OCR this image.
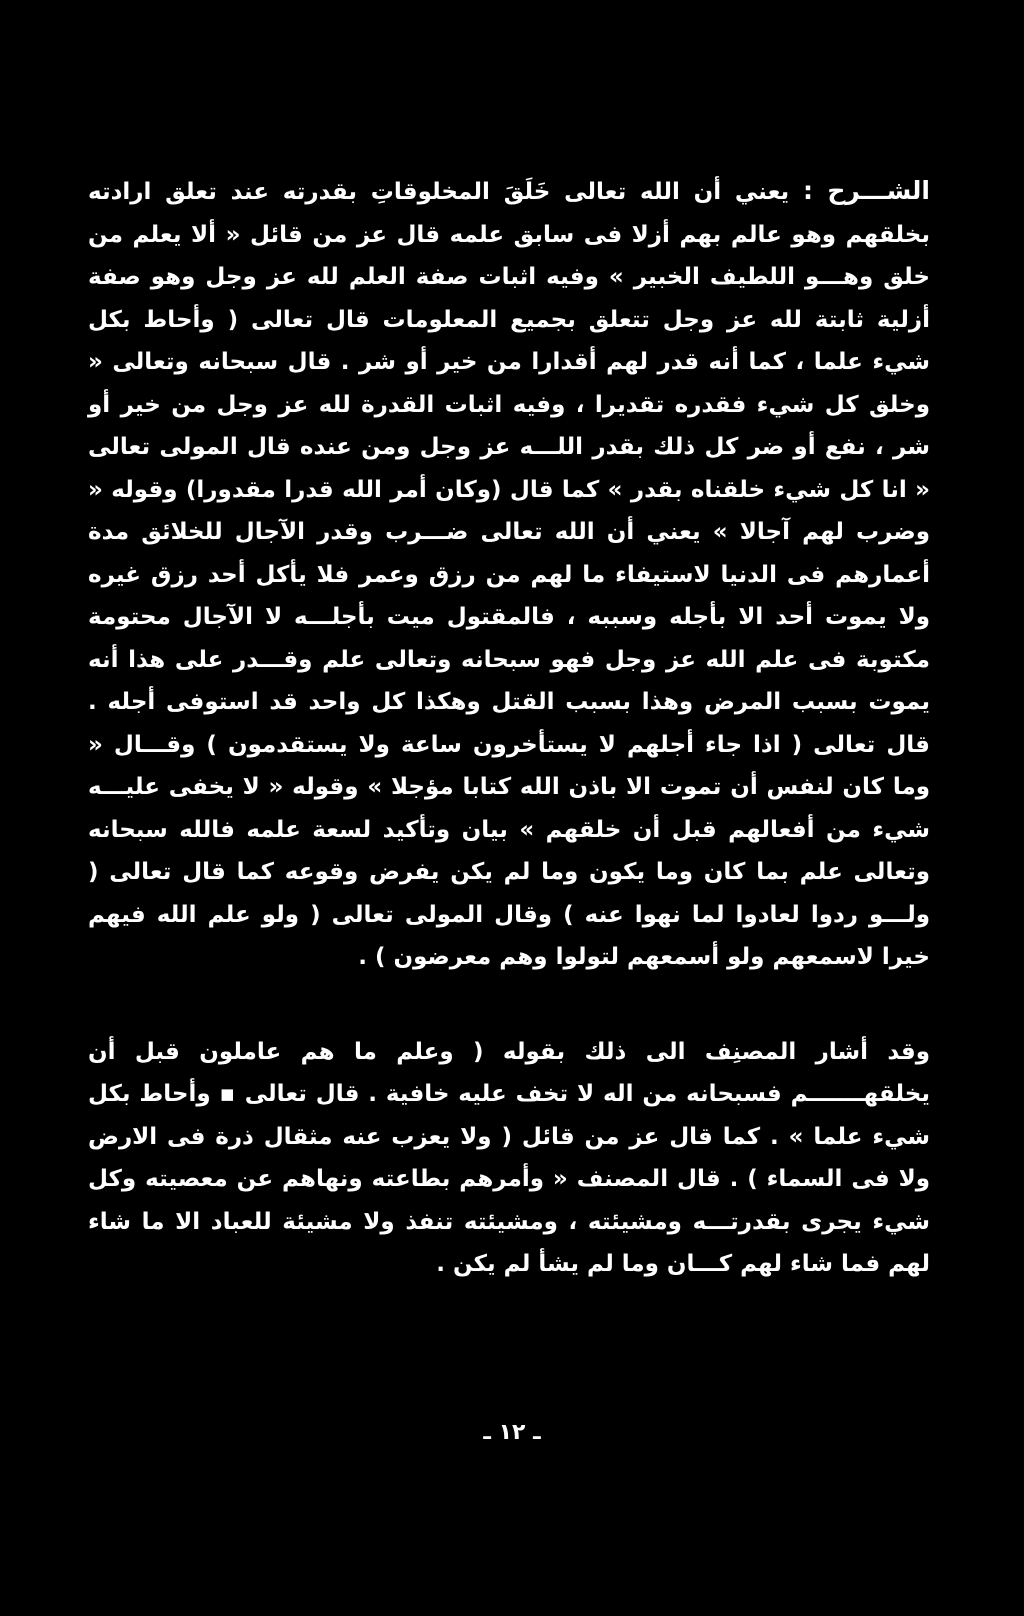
الشـــرح : يعني أن الله تعالى خَلَقَ المخلوقاتِ بقدرته عند تعلق ارادته بخلقهم وهو عالم بهم أزلا فى سابق علمه قال عز من قائل « ألا يعلم من خلق وهـــو اللطيف الخبير » وفيه اثبات صفة العلم لله عز وجل وهو صفة أزلية ثابتة لله عز وجل تتعلق بجميع المعلومات قال تعالى ( وأحاط بكل شيء علما ، كما أنه قدر لهم أقدارا من خير أو شر . قال سبحانه وتعالى « وخلق كل شيء فقدره تقديرا ، وفيه اثبات القدرة لله عز وجل من خير أو شر ، نفع أو ضر كل ذلك بقدر اللـــه عز وجل ومن عنده قال المولى تعالى « انا كل شيء خلقناه بقدر » كما قال (وكان أمر الله قدرا مقدورا) وقوله « وضرب لهم آجالا » يعني أن الله تعالى ضـــرب وقدر الآجال للخلائق مدة أعمارهم فى الدنيا لاستيفاء ما لهم من رزق وعمر فلا يأكل أحد رزق غيره ولا يموت أحد الا بأجله وسببه ، فالمقتول ميت بأجلـــه لا الآجال محتومة مكتوبة فى علم الله عز وجل فهو سبحانه وتعالى علم وقـــدر على هذا أنه يموت بسبب المرض وهذا بسبب القتل وهكذا كل واحد قد استوفى أجله . قال تعالى ( اذا جاء أجلهم لا يستأخرون ساعة ولا يستقدمون ) وقـــال « وما كان لنفس أن تموت الا باذن الله كتابا مؤجلا » وقوله « لا يخفى عليـــه شيء من أفعالهم قبل أن خلقهم » بيان وتأكيد لسعة علمه فالله سبحانه وتعالى علم بما كان وما يكون وما لم يكن يفرض وقوعه كما قال تعالى ( ولـــو ردوا لعادوا لما نهوا عنه ) وقال المولى تعالى ( ولو علم الله فيهم خيرا لاسمعهم ولو أسمعهم لتولوا وهم معرضون ) .

وقد أشار المصنِف الى ذلك بقوله ( وعلم ما هم عاملون قبل أن يخلقهـــــــم فسبحانه من اله لا تخف عليه خافية . قال تعالى ▪ وأحاط بكل شيء علما » . كما قال عز من قائل ( ولا يعزب عنه مثقال ذرة فى الارض ولا فى السماء ) . قال المصنف « وأمرهم بطاعته ونهاهم عن معصيته وكل شيء يجرى بقدرتـــه ومشيئته ، ومشيئته تنفذ ولا مشيئة للعباد الا ما شاء لهم فما شاء لهم كـــان وما لم يشأ لم يكن .

ـ ١٢ ـ
